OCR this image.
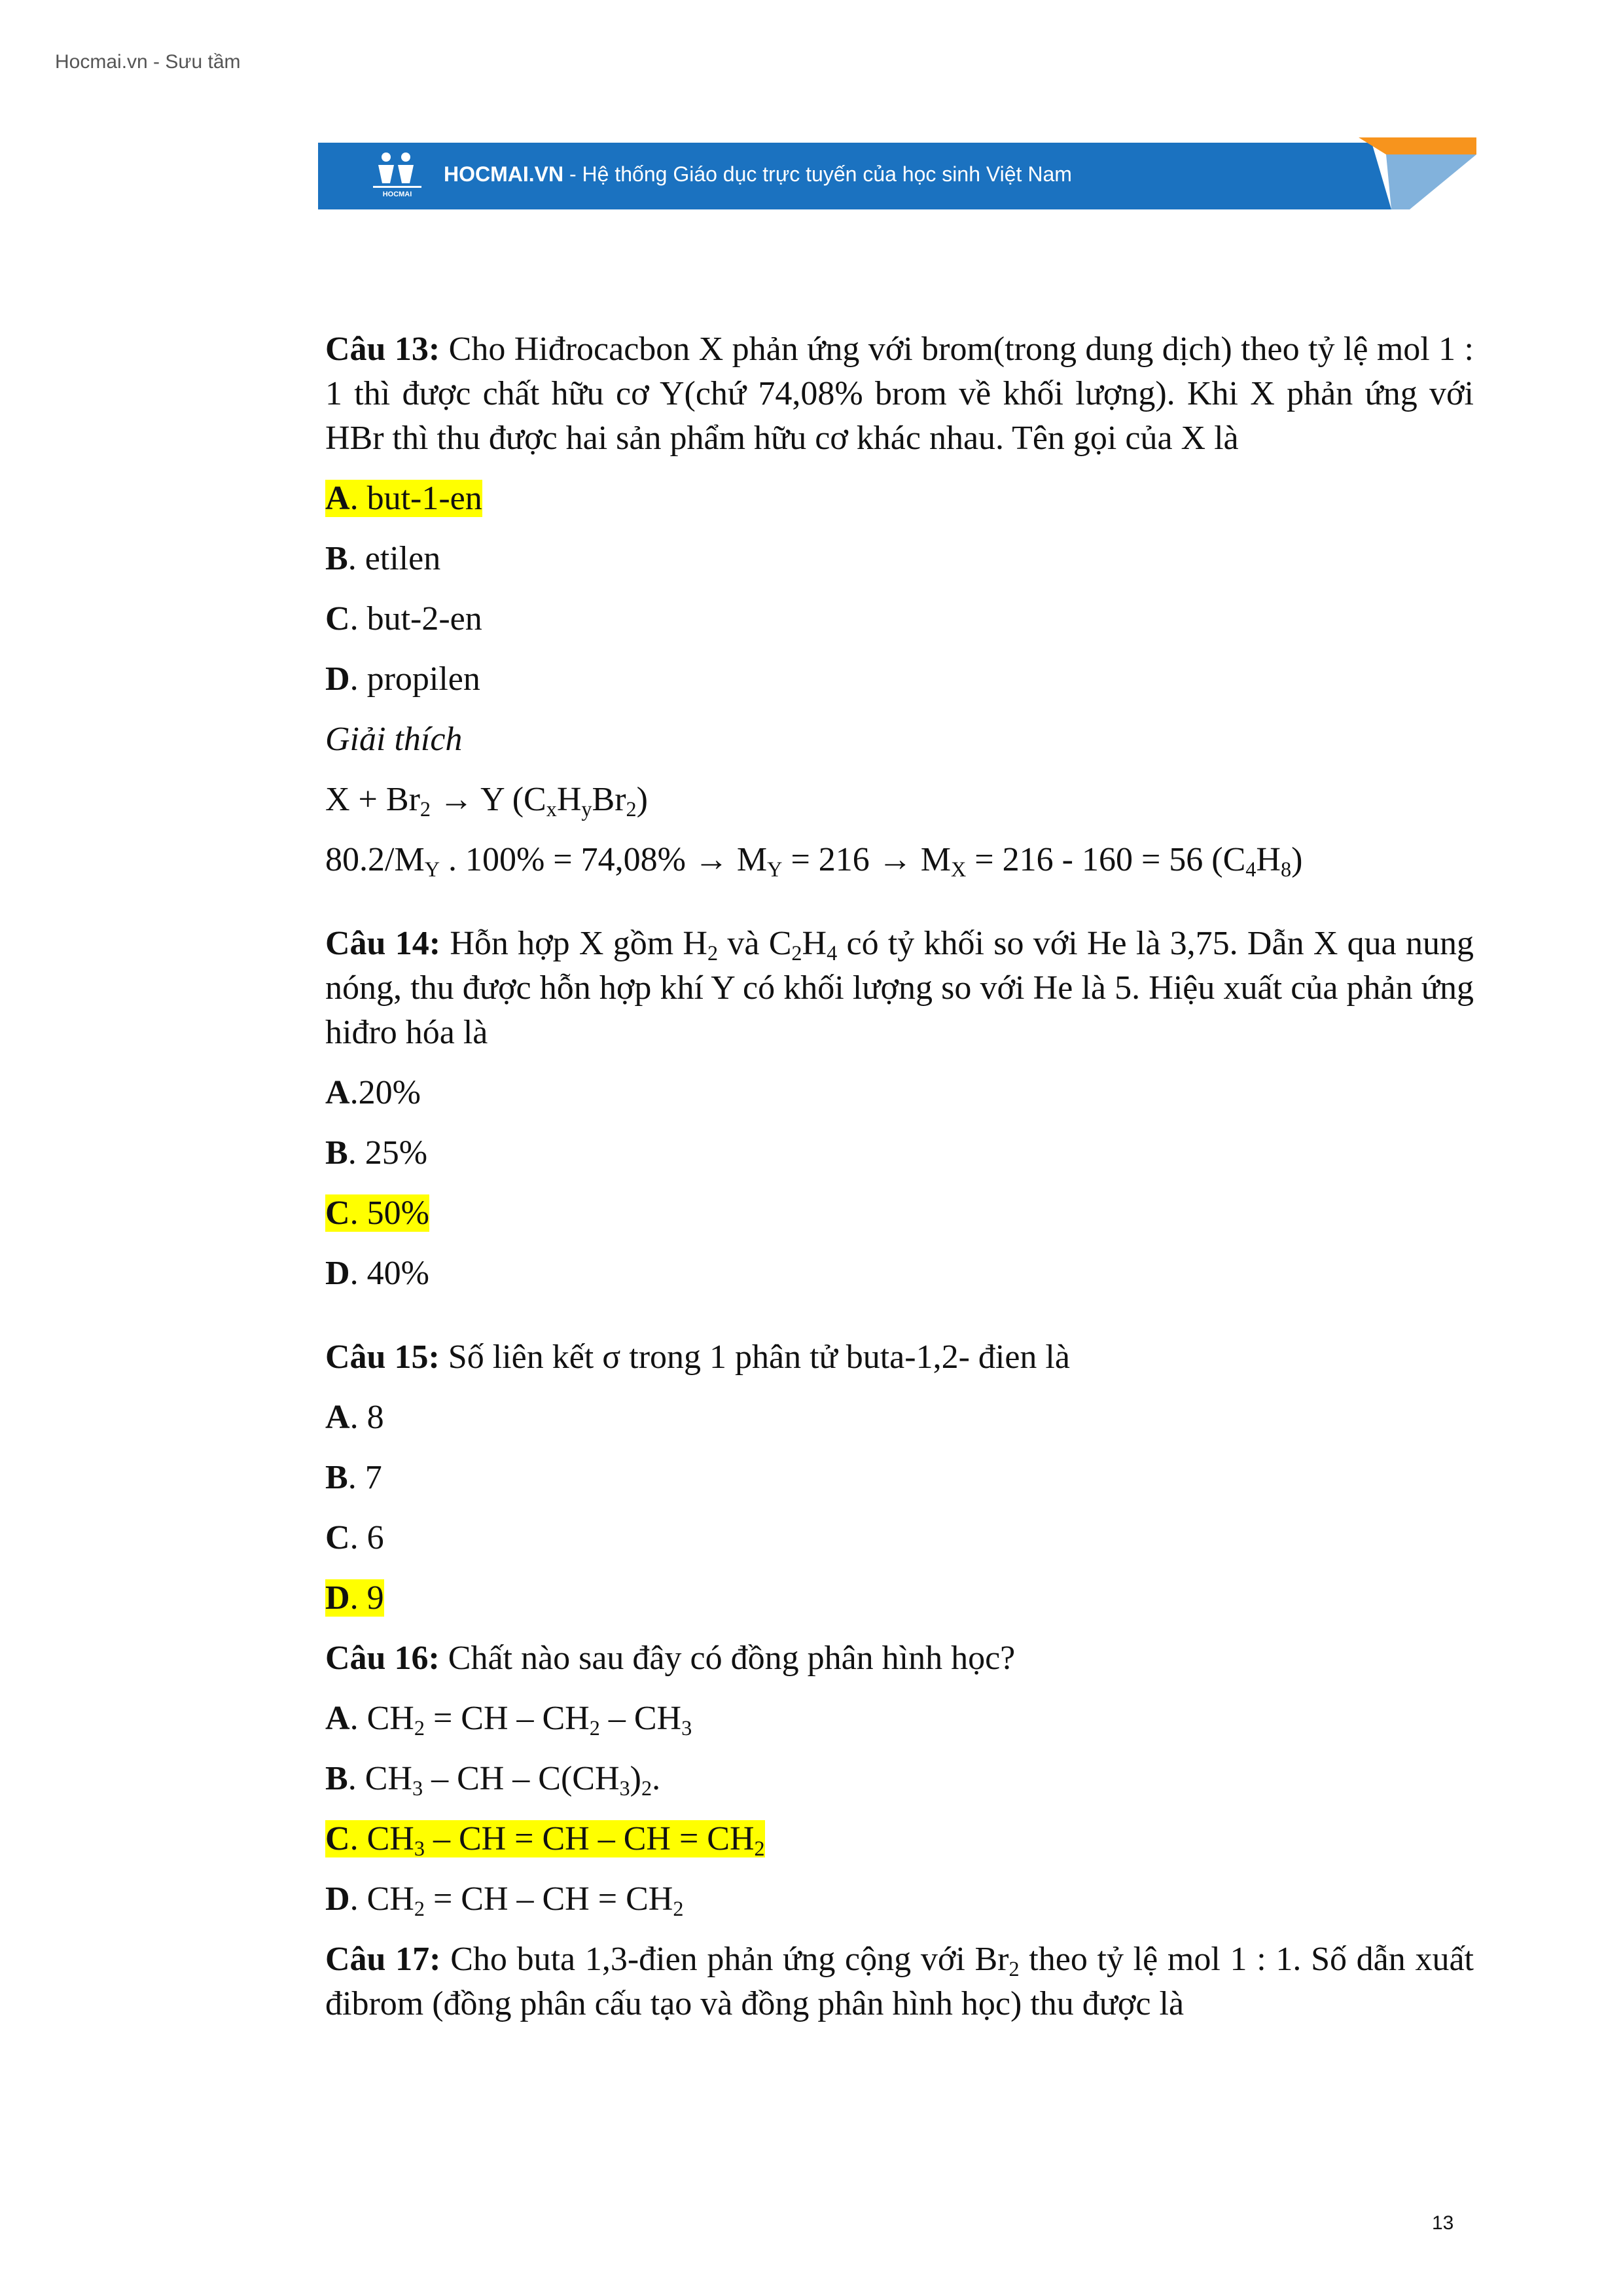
Hocmai.vn - Sưu tầm
HOCMAI
HOCMAI.VN - Hệ thống Giáo dục trực tuyến của học sinh Việt Nam

Câu 13: Cho Hiđrocacbon X phản ứng với brom(trong dung dịch) theo tỷ lệ mol 1 : 1 thì được chất hữu cơ Y(chứ 74,08% brom về khối lượng). Khi X phản ứng với HBr thì thu được hai sản phẩm hữu cơ khác nhau. Tên gọi của X là

A. but-1-en

B. etilen

C. but-2-en

D. propilen

Giải thích

$X + Br_2 \to Y$ $(C_xH_yBr_2)$

$80.2/M_Y$ . $100\% = 74,08\% \to M_Y = 216 \to M_X = 216 - 160 = 56$ $(C_4H_8)$

Câu 14: Hỗn hợp X gồm $H_2$ và $C_2H_4$ có tỷ khối so với He là 3,75. Dẫn X qua nung nóng, thu được hỗn hợp khí Y có khối lượng so với He là 5. Hiệu xuất của phản ứng hiđro hóa là

A.20%

B. 25%

C. 50%

D. 40%

Câu 15: Số liên kết σ trong 1 phân tử buta-1,2- đien là

A. 8

B. 7

C. 6

D. 9

Câu 16: Chất nào sau đây có đồng phân hình học?

A. $CH_2$ = CH – $CH_2 - CH_3$

B. $CH_3$ – CH – $C(CH_3)_2$.

C. $CH_3$ – CH = CH – CH = $CH_2$

D. $CH_2$ = CH – CH = $CH_2$

Câu 17: Cho buta 1,3-đien phản ứng cộng với $Br_2$ theo tỷ lệ mol 1 : 1. Số dẫn xuất đibrom (đồng phân cấu tạo và đồng phân hình học) thu được là

13
